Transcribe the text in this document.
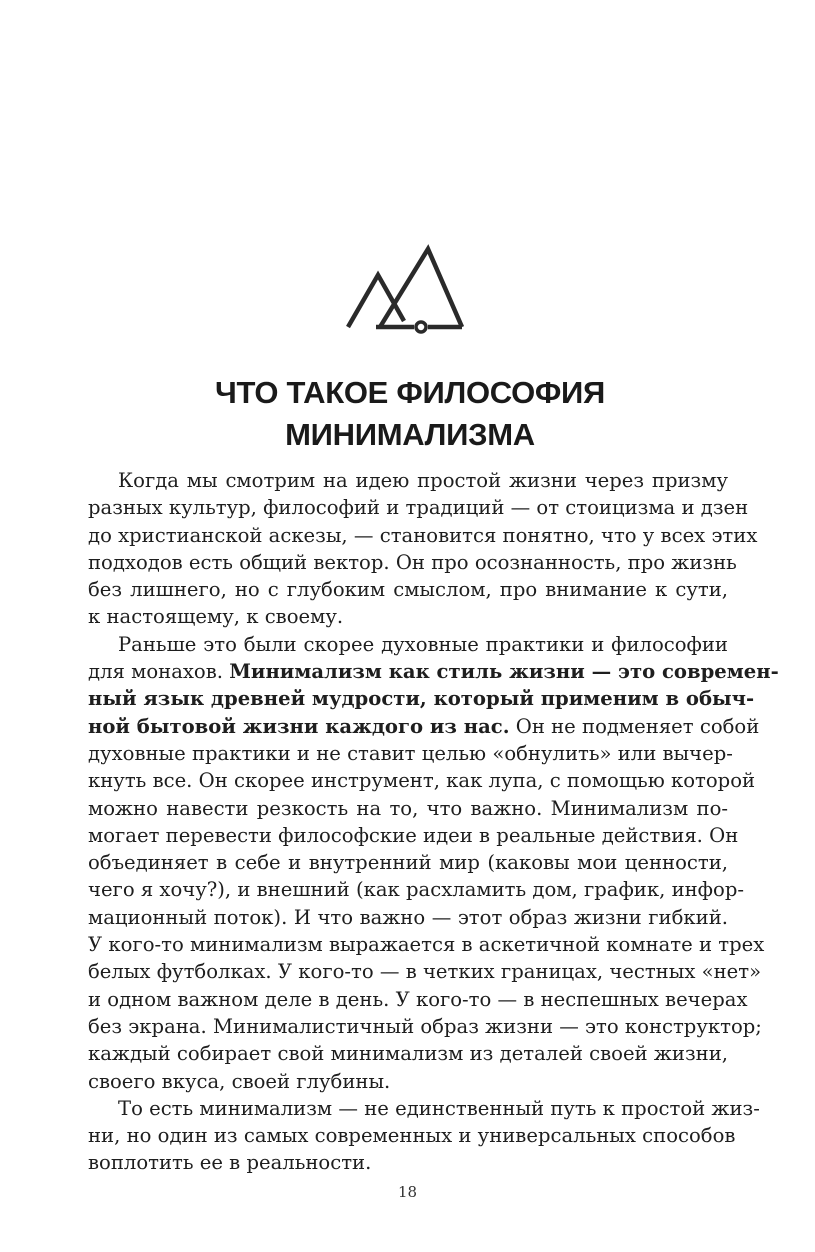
ЧТО ТАКОЕ ФИЛОСОФИЯ
МИНИМАЛИЗМА
Когда мы смотрим на идею простой жизни через призму
разных культур, философий и традиций — от стоицизма и дзен
до христианской аскезы, — становится понятно, что у всех этих
подходов есть общий вектор. Он про осознанность, про жизнь
без лишнего, но с глубоким смыслом, про внимание к сути,
к настоящему, к своему.
Раньше это были скорее духовные практики и философии
для монахов. Минимализм как стиль жизни — это современ-
ный язык древней мудрости, который применим в обыч-
ной бытовой жизни каждого из нас. Он не подменяет собой
духовные практики и не ставит целью «обнулить» или вычер-
кнуть все. Он скорее инструмент, как лупа, с помощью которой
можно навести резкость на то, что важно. Минимализм по-
могает перевести философские идеи в реальные действия. Он
объединяет в себе и внутренний мир (каковы мои ценности,
чего я хочу?), и внешний (как расхламить дом, график, инфор-
мационный поток). И что важно — этот образ жизни гибкий.
У кого-то минимализм выражается в аскетичной комнате и трех
белых футболках. У кого-то — в четких границах, честных «нет»
и одном важном деле в день. У кого-то — в неспешных вечерах
без экрана. Минималистичный образ жизни — это конструктор;
каждый собирает свой минимализм из деталей своей жизни,
своего вкуса, своей глубины.
То есть минимализм — не единственный путь к простой жиз-
ни, но один из самых современных и универсальных способов
воплотить ее в реальности.
18
